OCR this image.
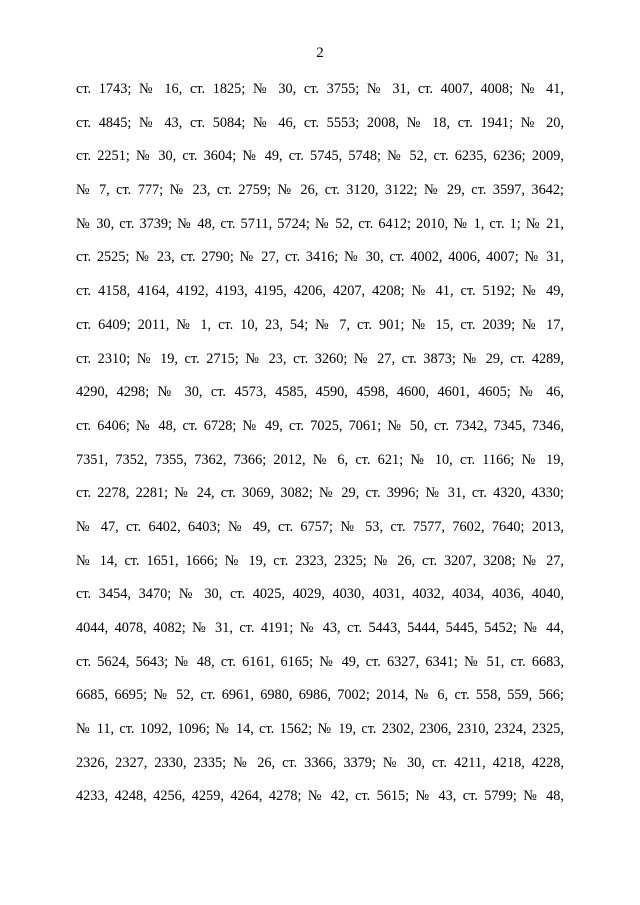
2
ст. 1743; № 16, ст. 1825; № 30, ст. 3755; № 31, ст. 4007, 4008; № 41,
ст. 4845; № 43, ст. 5084; № 46, ст. 5553; 2008, № 18, ст. 1941; № 20,
ст. 2251; № 30, ст. 3604; № 49, ст. 5745, 5748; № 52, ст. 6235, 6236; 2009,
№ 7, ст. 777; № 23, ст. 2759; № 26, ст. 3120, 3122; № 29, ст. 3597, 3642;
№ 30, ст. 3739; № 48, ст. 5711, 5724; № 52, ст. 6412; 2010, № 1, ст. 1; № 21,
ст. 2525; № 23, ст. 2790; № 27, ст. 3416; № 30, ст. 4002, 4006, 4007; № 31,
ст. 4158, 4164, 4192, 4193, 4195, 4206, 4207, 4208; № 41, ст. 5192; № 49,
ст. 6409; 2011, № 1, ст. 10, 23, 54; № 7, ст. 901; № 15, ст. 2039; № 17,
ст. 2310; № 19, ст. 2715; № 23, ст. 3260; № 27, ст. 3873; № 29, ст. 4289,
4290, 4298; № 30, ст. 4573, 4585, 4590, 4598, 4600, 4601, 4605; № 46,
ст. 6406; № 48, ст. 6728; № 49, ст. 7025, 7061; № 50, ст. 7342, 7345, 7346,
7351, 7352, 7355, 7362, 7366; 2012, № 6, ст. 621; № 10, ст. 1166; № 19,
ст. 2278, 2281; № 24, ст. 3069, 3082; № 29, ст. 3996; № 31, ст. 4320, 4330;
№ 47, ст. 6402, 6403; № 49, ст. 6757; № 53, ст. 7577, 7602, 7640; 2013,
№ 14, ст. 1651, 1666; № 19, ст. 2323, 2325; № 26, ст. 3207, 3208; № 27,
ст. 3454, 3470; № 30, ст. 4025, 4029, 4030, 4031, 4032, 4034, 4036, 4040,
4044, 4078, 4082; № 31, ст. 4191; № 43, ст. 5443, 5444, 5445, 5452; № 44,
ст. 5624, 5643; № 48, ст. 6161, 6165; № 49, ст. 6327, 6341; № 51, ст. 6683,
6685, 6695; № 52, ст. 6961, 6980, 6986, 7002; 2014, № 6, ст. 558, 559, 566;
№ 11, ст. 1092, 1096; № 14, ст. 1562; № 19, ст. 2302, 2306, 2310, 2324, 2325,
2326, 2327, 2330, 2335; № 26, ст. 3366, 3379; № 30, ст. 4211, 4218, 4228,
4233, 4248, 4256, 4259, 4264, 4278; № 42, ст. 5615; № 43, ст. 5799; № 48,
